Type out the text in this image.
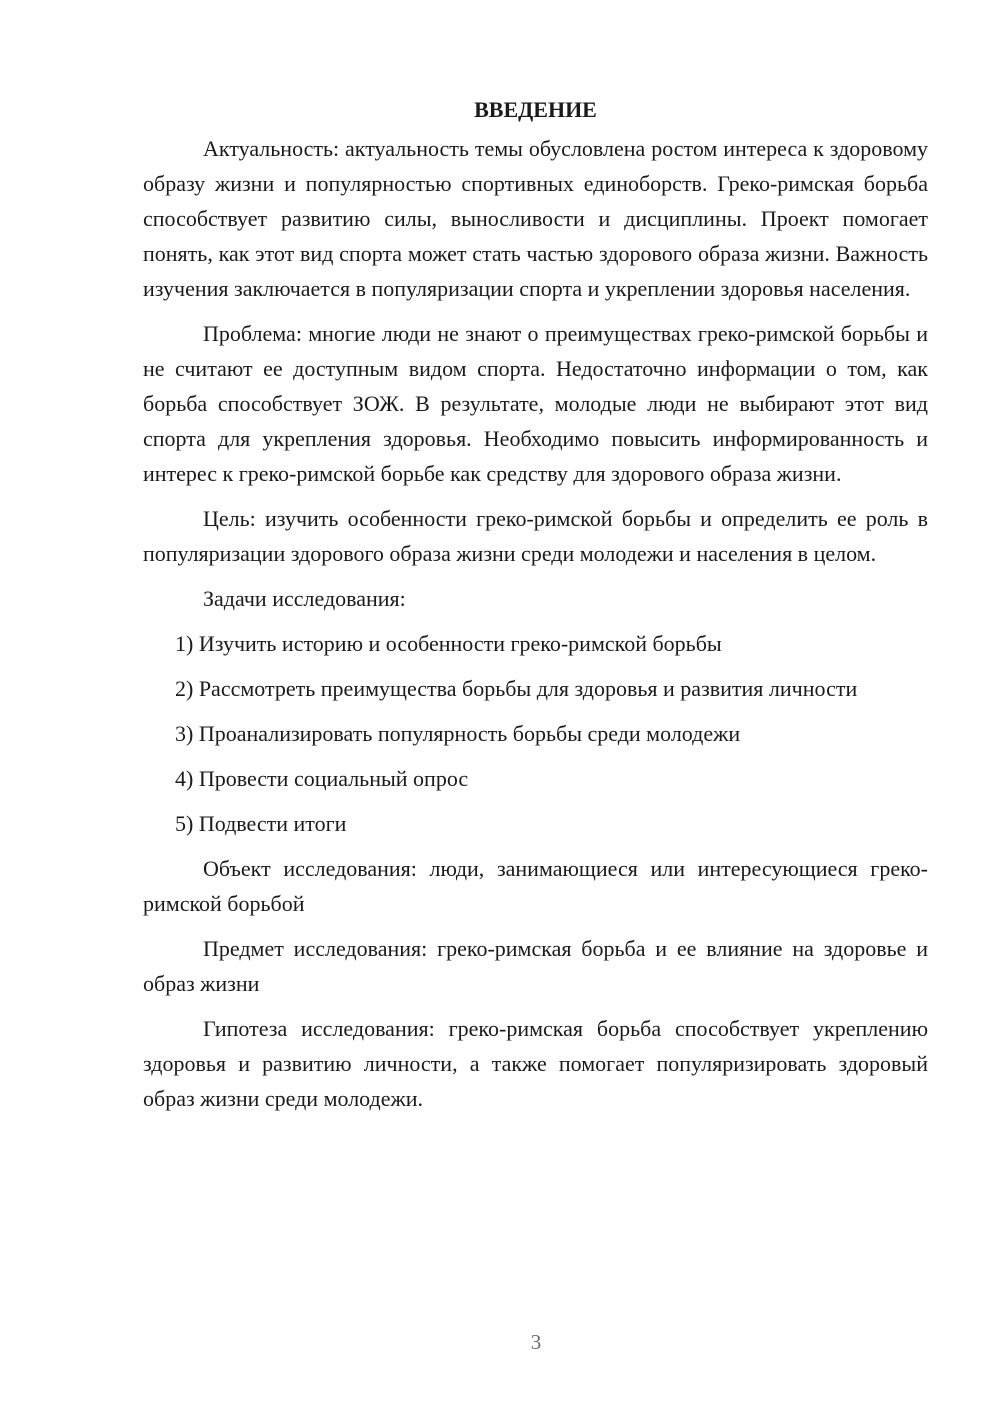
ВВЕДЕНИЕ

Актуальность: актуальность темы обусловлена ростом интереса к здоровому образу жизни и популярностью спортивных единоборств. Греко-римская борьба способствует развитию силы, выносливости и дисциплины. Проект помогает понять, как этот вид спорта может стать частью здорового образа жизни. Важность изучения заключается в популяризации спорта и укреплении здоровья населения.

Проблема: многие люди не знают о преимуществах греко-римской борьбы и не считают ее доступным видом спорта. Недостаточно информации о том, как борьба способствует ЗОЖ. В результате, молодые люди не выбирают этот вид спорта для укрепления здоровья. Необходимо повысить информированность и интерес к греко-римской борьбе как средству для здорового образа жизни.

Цель: изучить особенности греко-римской борьбы и определить ее роль в популяризации здорового образа жизни среди молодежи и населения в целом.

Задачи исследования:

1) Изучить историю и особенности греко-римской борьбы

2) Рассмотреть преимущества борьбы для здоровья и развития личности

3) Проанализировать популярность борьбы среди молодежи

4) Провести социальный опрос

5) Подвести итоги

Объект исследования: люди, занимающиеся или интересующиеся греко-римской борьбой

Предмет исследования: греко-римская борьба и ее влияние на здоровье и образ жизни

Гипотеза исследования: греко-римская борьба способствует укреплению здоровья и развитию личности, а также помогает популяризировать здоровый образ жизни среди молодежи.

3
